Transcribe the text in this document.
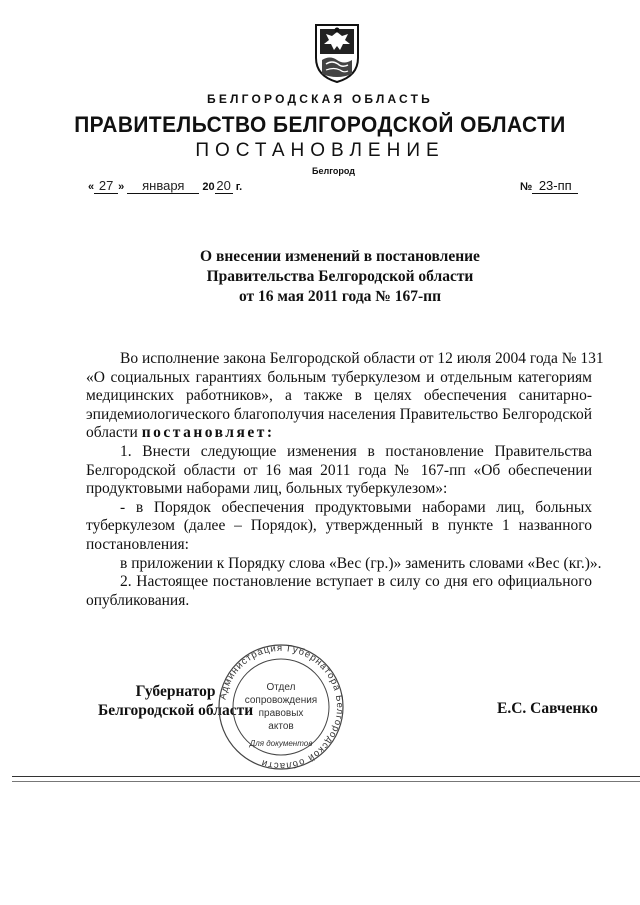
БЕЛГОРОДСКАЯ ОБЛАСТЬ
ПРАВИТЕЛЬСТВО БЕЛГОРОДСКОЙ ОБЛАСТИ
ПОСТАНОВЛЕНИЕ
Белгород
« 27 » января 20 20 г.	№ 23-пп
О внесении изменений в постановление
Правительства Белгородской области
от 16 мая 2011 года № 167-пп
Во исполнение закона Белгородской области от 12 июля 2004 года № 131
«О социальных гарантиях больным туберкулезом и отдельным категориям
медицинских работников», а также в целях обеспечения санитарно-
эпидемиологического благополучия населения Правительство Белгородской
области постановляет:
1. Внести следующие изменения в постановление Правительства
Белгородской области от 16 мая 2011 года № 167-пп «Об обеспечении
продуктовыми наборами лиц, больных туберкулезом»:
- в Порядок обеспечения продуктовыми наборами лиц, больных
туберкулезом (далее – Порядок), утвержденный в пункте 1 названного
постановления:
в приложении к Порядку слова «Вес (гр.)» заменить словами «Вес (кг.)».
2. Настоящее постановление вступает в силу со дня его официального
опубликования.
Губернатор
Белгородской области	Е.С. Савченко
Администрация Губернатора Белгородской области
Отдел
сопровождения
правовых
актов
Для документов
